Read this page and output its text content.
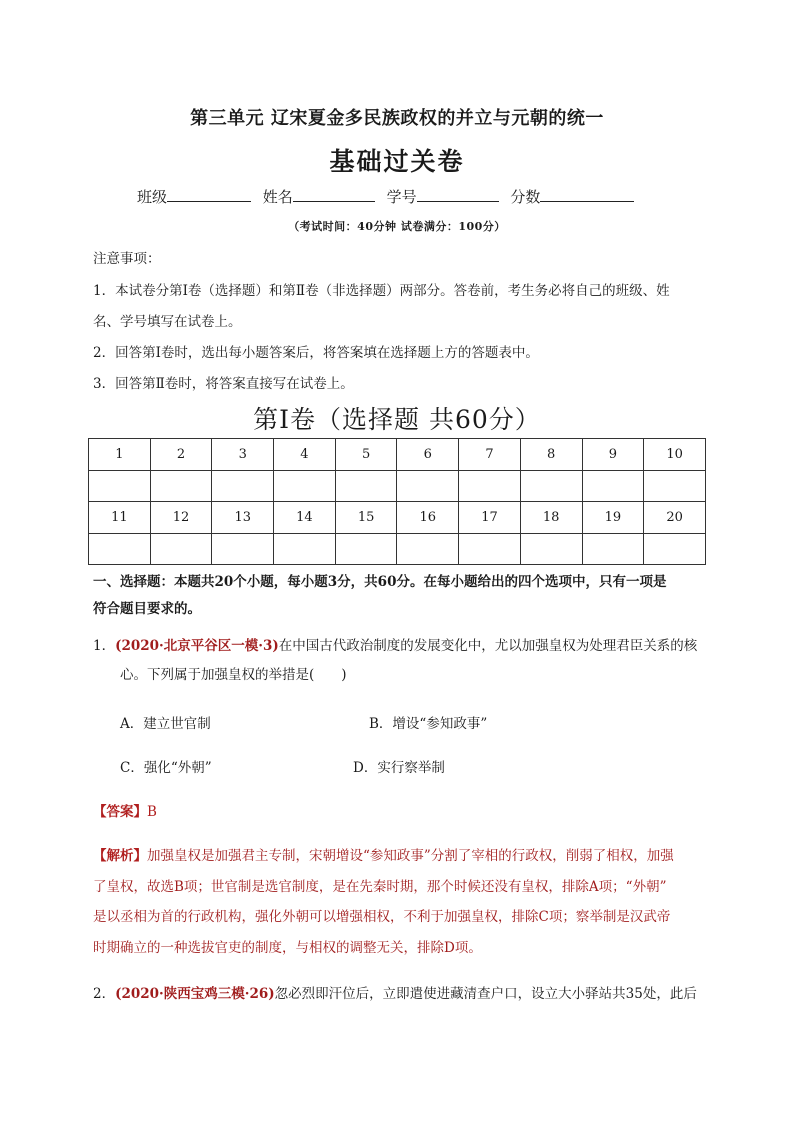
第三单元 辽宋夏金多民族政权的并立与元朝的统一
基础过关卷
班级	姓名	学号	分数
（考试时间：40分钟 试卷满分：100分）
注意事项：
1．本试卷分第Ⅰ卷（选择题）和第Ⅱ卷（非选择题）两部分。答卷前，考生务必将自己的班级、姓
名、学号填写在试卷上。
2．回答第Ⅰ卷时，选出每小题答案后，将答案填在选择题上方的答题表中。
3．回答第Ⅱ卷时，将答案直接写在试卷上。
第Ⅰ卷（选择题 共60分）
1	2	3	4	5	6	7	8	9	10

11	12	13	14	15	16	17	18	19	20

一、选择题：本题共20个小题，每小题3分，共60分。在每小题给出的四个选项中，只有一项是
符合题目要求的。
1．(2020·北京平谷区一模·3)在中国古代政治制度的发展变化中，尤以加强皇权为处理君臣关系的核
心。下列属于加强皇权的举措是(　　)
A．建立世官制	B．增设“参知政事”
C．强化“外朝”	D．实行察举制
【答案】B
【解析】加强皇权是加强君主专制，宋朝增设“参知政事”分割了宰相的行政权，削弱了相权，加强
了皇权，故选B项；世官制是选官制度，是在先秦时期，那个时候还没有皇权，排除A项；“外朝”
是以丞相为首的行政机构，强化外朝可以增强相权，不利于加强皇权，排除C项；察举制是汉武帝
时期确立的一种选拔官吏的制度，与相权的调整无关，排除D项。
2．(2020·陕西宝鸡三模·26)忽必烈即汗位后，立即遣使进藏清查户口，设立大小驿站共35处，此后
